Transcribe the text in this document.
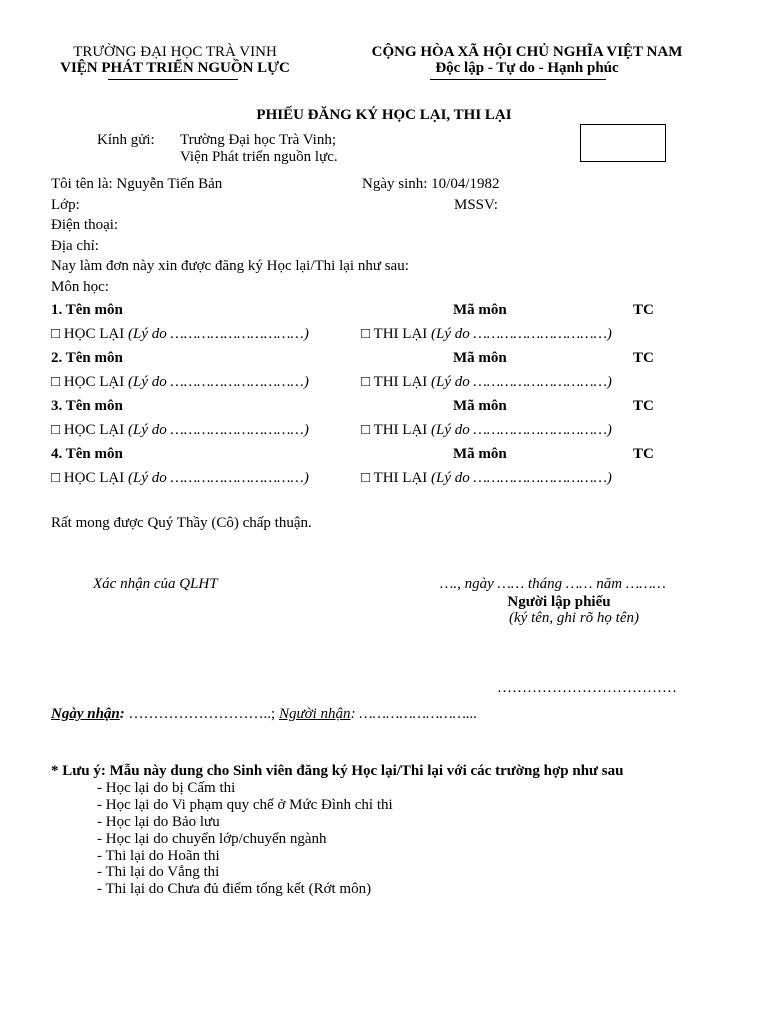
TRƯỜNG ĐẠI HỌC TRÀ VINH
VIỆN PHÁT TRIỂN NGUỒN LỰC
CỘNG HÒA XÃ HỘI CHỦ NGHĨA VIỆT NAM
Độc lập - Tự do - Hạnh phúc
PHIẾU ĐĂNG KÝ HỌC LẠI, THI LẠI
Kính gửi: Trường Đại học Trà Vinh;
Viện Phát triển nguồn lực.
Tôi tên là: Nguyễn Tiến Bản	Ngày sinh: 10/04/1982
Lớp:	MSSV:
Điện thoại:
Địa chỉ:
Nay làm đơn này xin được đăng ký Học lại/Thi lại như sau:
Môn học:
1. Tên môn	Mã môn	TC
□ HỌC LẠI (Lý do …………………………)	□ THI LẠI (Lý do …………………………)
2. Tên môn	Mã môn	TC
□ HỌC LẠI (Lý do …………………………)	□ THI LẠI (Lý do …………………………)
3. Tên môn	Mã môn	TC
□ HỌC LẠI (Lý do …………………………)	□ THI LẠI (Lý do …………………………)
4. Tên môn	Mã môn	TC
□ HỌC LẠI (Lý do …………………………)	□ THI LẠI (Lý do …………………………)
Rất mong được Quý Thầy (Cô) chấp thuận.
Xác nhận của QLHT	…., ngày …… tháng …… năm ………
Người lập phiếu
(ký tên, ghi rõ họ tên)
………………………………
Ngày nhận: ………………………..; Người nhận: ……………………...
* Lưu ý: Mẫu này dung cho Sinh viên đăng ký Học lại/Thi lại với các trường hợp như sau
- Học lại do bị Cấm thi
- Học lại do Vi phạm quy chế ở Mức Đình chỉ thi
- Học lại do Bảo lưu
- Học lại do chuyển lớp/chuyển ngành
- Thi lại do Hoãn thi
- Thi lại do Vắng thi
- Thi lại do Chưa đủ điểm tổng kết (Rớt môn)
